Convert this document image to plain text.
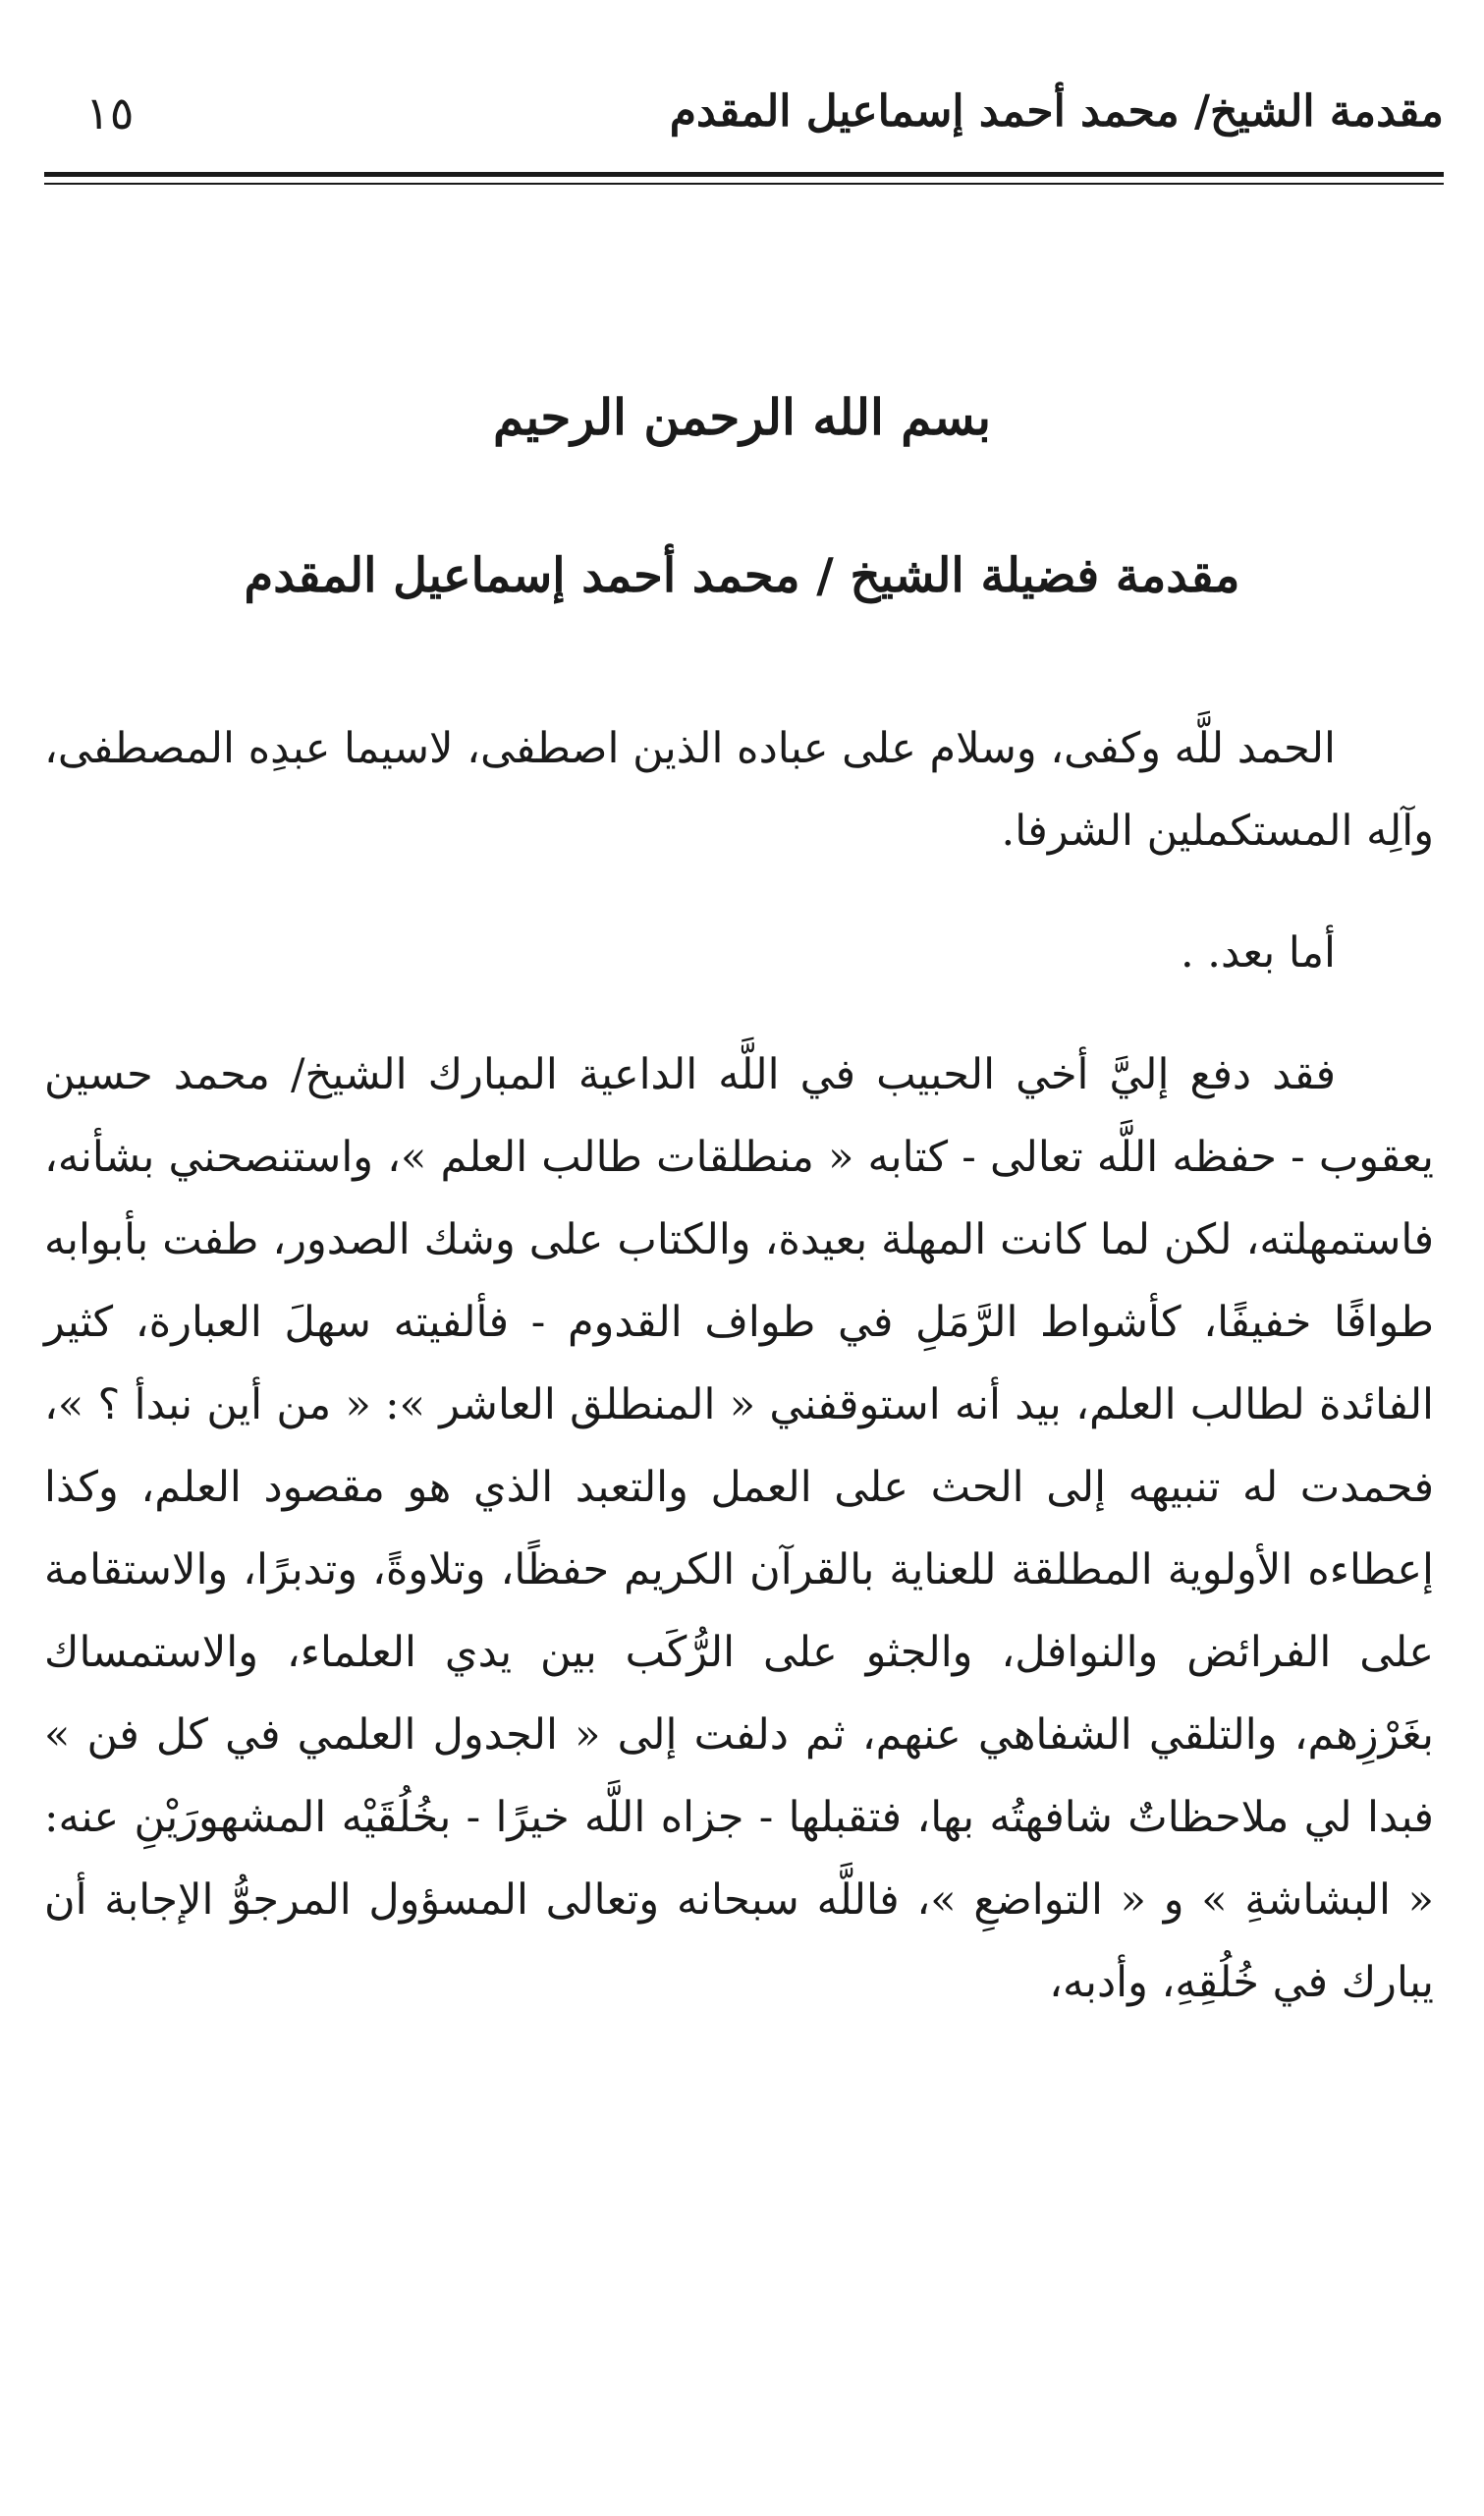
مقدمة الشيخ/ محمد أحمد إسماعيل المقدم
١٥
بسم الله الرحمن الرحيم
مقدمة فضيلة الشيخ / محمد أحمد إسماعيل المقدم

الحمد للَّه وكفى، وسلام على عباده الذين اصطفى، لاسيما عبدِه المصطفى، وآلِه المستكملين الشرفا.

أما بعد. .

فقد دفع إليَّ أخي الحبيب في اللَّه الداعية المبارك الشيخ/ محمد حسين يعقوب - حفظه اللَّه تعالى - كتابه « منطلقات طالب العلم »، واستنصحني بشأنه، فاستمهلته، لكن لما كانت المهلة بعيدة، والكتاب على وشك الصدور، طفت بأبوابه طوافًا خفيفًا، كأشواط الرَّمَلِ في طواف القدوم - فألفيته سهلَ العبارة، كثير الفائدة لطالب العلم، بيد أنه استوقفني « المنطلق العاشر »: « من أين نبدأ ؟ »، فحمدت له تنبيهه إلى الحث على العمل والتعبد الذي هو مقصود العلم، وكذا إعطاءه الأولوية المطلقة للعناية بالقرآن الكريم حفظًا، وتلاوةً، وتدبرًا، والاستقامة على الفرائض والنوافل، والجثو على الرُّكَب بين يدي العلماء، والاستمساك بغَرْزِهم، والتلقي الشفاهي عنهم، ثم دلفت إلى « الجدول العلمي في كل فن » فبدا لي ملاحظاتٌ شافهتُه بها، فتقبلها - جزاه اللَّه خيرًا - بخُلُقَيْه المشهورَيْنِ عنه: « البشاشةِ » و « التواضعِ »، فاللَّه سبحانه وتعالى المسؤول المرجوُّ الإجابة أن يبارك في خُلُقِهِ، وأدبه،
